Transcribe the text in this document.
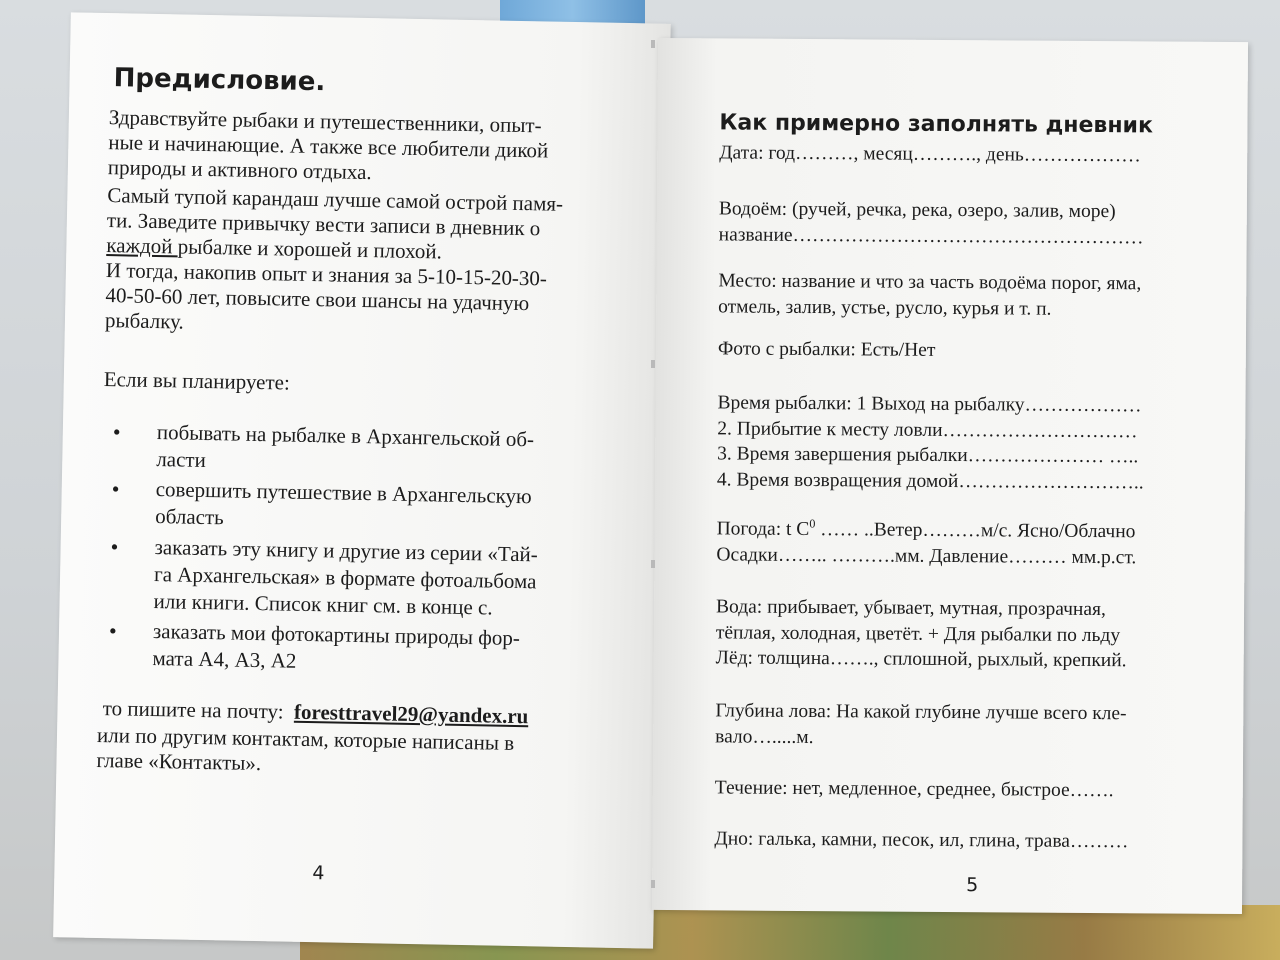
Предисловие.
Здравствуйте рыбаки и путешественники, опыт-
ные и начинающие. А также все любители дикой
природы и активного отдыха.
Самый тупой карандаш лучше самой острой памя-
ти. Заведите привычку вести записи в дневник о
каждой рыбалке и хорошей и плохой.
И тогда, накопив опыт и знания за 5-10-15-20-30-
40-50-60 лет, повысите свои шансы на удачную
рыбалку.
Если вы планируете:
• побывать на рыбалке в Архангельской об-
ласти
• совершить путешествие в Архангельскую
область
• заказать эту книгу и другие из серии «Тай-
га Архангельская» в формате фотоальбома
или книги. Список книг см. в конце с.
• заказать мои фотокартины природы фор-
мата А4, А3, А2
то пишите на почту:  foresttravel29@yandex.ru
или по другим контактам, которые написаны в
главе «Контакты».
4
Как примерно заполнять дневник
Дата: год………, месяц………., день………………
Водоём: (ручей, речка, река, озеро, залив, море)
название………………………………………………
Место: название и что за часть водоёма порог, яма,
отмель, залив, устье, русло, курья и т. п.
Фото с рыбалки: Есть/Нет
Время рыбалки: 1 Выход на рыбалку………………
2. Прибытие к месту ловли…………………………
3. Время завершения рыбалки………………… …..
4. Время возвращения домой………………………..
Погода: t $C^0$ …… ..Ветер………м/с. Ясно/Облачно
Осадки…….. ……….мм. Давление……… мм.р.ст.
Вода: прибывает, убывает, мутная, прозрачная,
тёплая, холодная, цветёт. + Для рыбалки по льду
Лёд: толщина……., сплошной, рыхлый, крепкий.
Глубина лова: На какой глубине лучше всего кле-
вало….....м.
Течение: нет, медленное, среднее, быстрое…….
Дно: галька, камни, песок, ил, глина, трава………
5
